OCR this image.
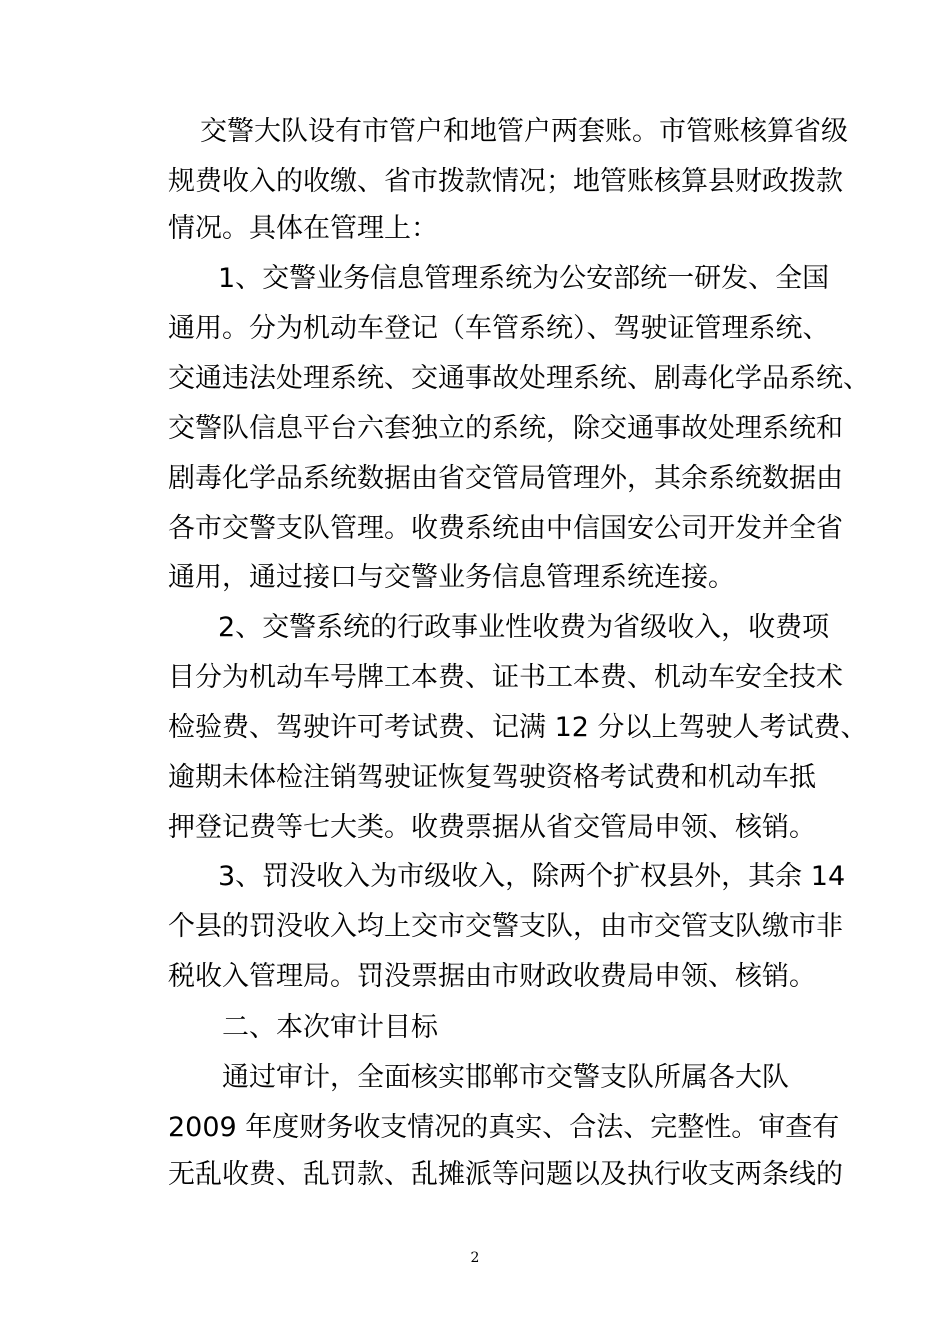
交警大队设有市管户和地管户两套账。市管账核算省级
规费收入的收缴、省市拨款情况；地管账核算县财政拨款
情况。具体在管理上：
1、交警业务信息管理系统为公安部统一研发、全国
通用。分为机动车登记（车管系统）、驾驶证管理系统、
交通违法处理系统、交通事故处理系统、剧毒化学品系统、
交警队信息平台六套独立的系统，除交通事故处理系统和
剧毒化学品系统数据由省交管局管理外，其余系统数据由
各市交警支队管理。收费系统由中信国安公司开发并全省
通用，通过接口与交警业务信息管理系统连接。
2、交警系统的行政事业性收费为省级收入，收费项
目分为机动车号牌工本费、证书工本费、机动车安全技术
检验费、驾驶许可考试费、记满 12 分以上驾驶人考试费、
逾期未体检注销驾驶证恢复驾驶资格考试费和机动车抵
押登记费等七大类。收费票据从省交管局申领、核销。
3、罚没收入为市级收入，除两个扩权县外，其余 14
个县的罚没收入均上交市交警支队，由市交管支队缴市非
税收入管理局。罚没票据由市财政收费局申领、核销。
二、本次审计目标
通过审计，全面核实邯郸市交警支队所属各大队
2009 年度财务收支情况的真实、合法、完整性。审查有
无乱收费、乱罚款、乱摊派等问题以及执行收支两条线的
2
